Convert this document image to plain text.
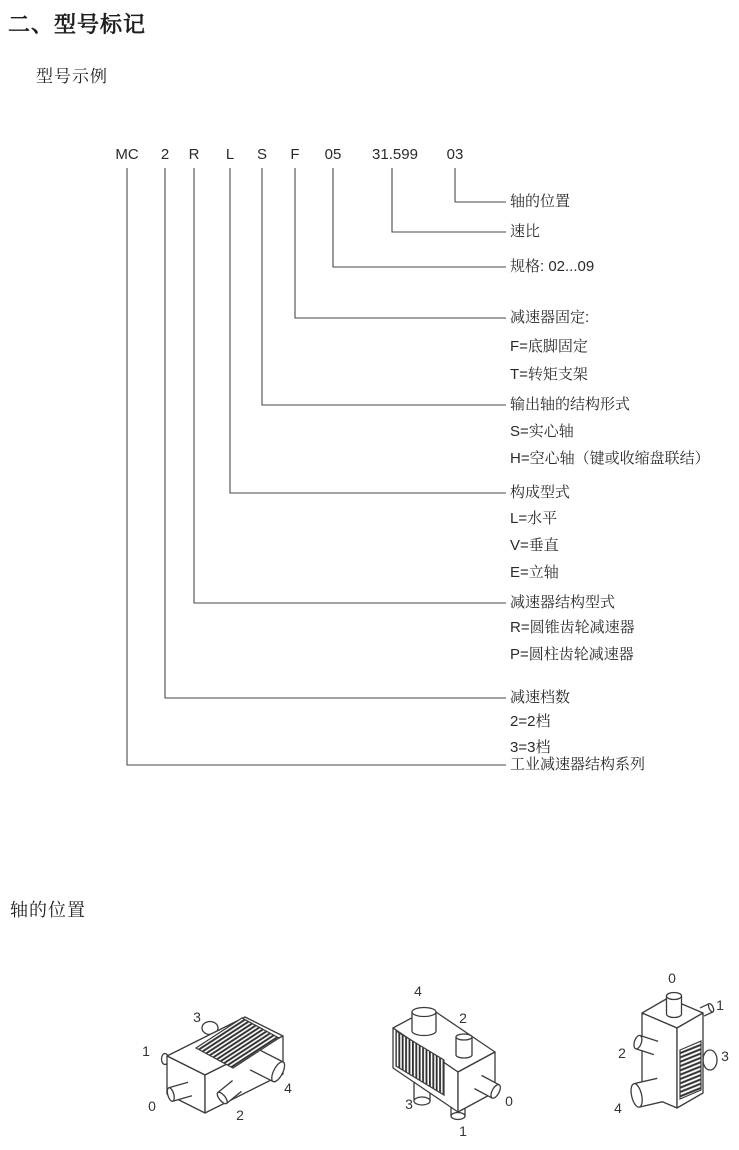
二、型号标记
型号示例
轴的位置
MC 2 R L S F 05 31.599 03
轴的位置
速比
规格: 02...09
减速器固定:
F=底脚固定
T=转矩支架
输出轴的结构形式
S=实心轴
H=空心轴（键或收缩盘联结）
构成型式
L=水平
V=垂直
E=立轴
减速器结构型式
R=圆锥齿轮减速器
P=圆柱齿轮减速器
减速档数
2=2档
3=3档
工业减速器结构系列
3
1
0
2
4
4
2
3	0
1
0
1
2	3
4
